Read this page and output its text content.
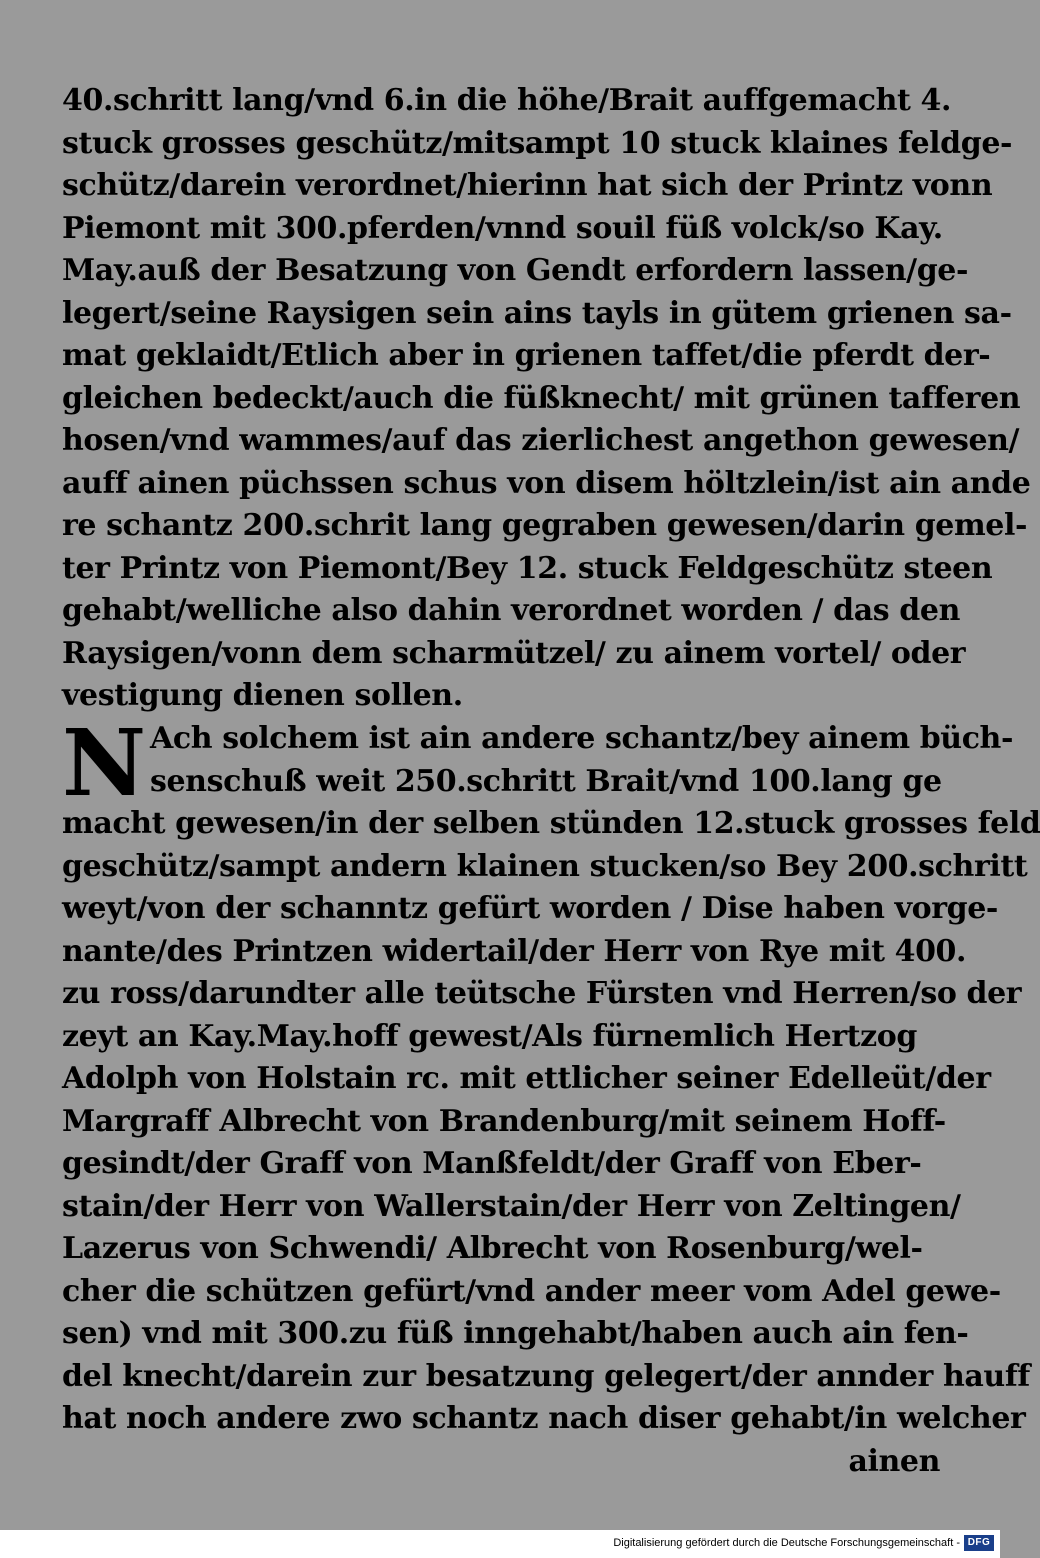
40.schritt lang/vnd 6.in die höhe/Brait auffgemacht 4.
stuck grosses geschütz/mitsampt 10 stuck klaines feldge-
schütz/darein verordnet/hierinn hat sich der Printz vonn
Piemont mit 300.pferden/vnnd souil füß volck/so Kay.
May.auß der Besatzung von Gendt erfordern lassen/ge-
legert/seine Raysigen sein ains tayls in gütem grienen sa-
mat geklaidt/Etlich aber in grienen taffet/die pferdt der-
gleichen bedeckt/auch die füßknecht/ mit grünen tafferen
hosen/vnd wammes/auf das zierlichest angethon gewesen/
auff ainen püchssen schus von disem höltzlein/ist ain ande
re schantz 200.schrit lang gegraben gewesen/darin gemel-
ter Printz von Piemont/Bey 12. stuck Feldgeschütz steen
gehabt/welliche also dahin verordnet worden / das den
Raysigen/vonn dem scharmützel/ zu ainem vortel/ oder
vestigung dienen sollen.
N Ach solchem ist ain andere schantz/bey ainem büch-
senschuß weit 250.schritt Brait/vnd 100.lang ge
macht gewesen/in der selben stünden 12.stuck grosses feld
geschütz/sampt andern klainen stucken/so Bey 200.schritt
weyt/von der schanntz gefürt worden / Dise haben vorge-
nante/des Printzen widertail/der Herr von Rye mit 400.
zu ross/darundter alle teütsche Fürsten vnd Herren/so der
zeyt an Kay.May.hoff gewest/Als fürnemlich Hertzog
Adolph von Holstain rc. mit ettlicher seiner Edelleüt/der
Margraff Albrecht von Brandenburg/mit seinem Hoff-
gesindt/der Graff von Manßfeldt/der Graff von Eber-
stain/der Herr von Wallerstain/der Herr von Zeltingen/
Lazerus von Schwendi/ Albrecht von Rosenburg/wel-
cher die schützen gefürt/vnd ander meer vom Adel gewe-
sen) vnd mit 300.zu füß inngehabt/haben auch ain fen-
del knecht/darein zur besatzung gelegert/der annder hauff
hat noch andere zwo schantz nach diser gehabt/in welcher
ainen
Digitalisierung gefördert durch die Deutsche Forschungsgemeinschaft - DFG
